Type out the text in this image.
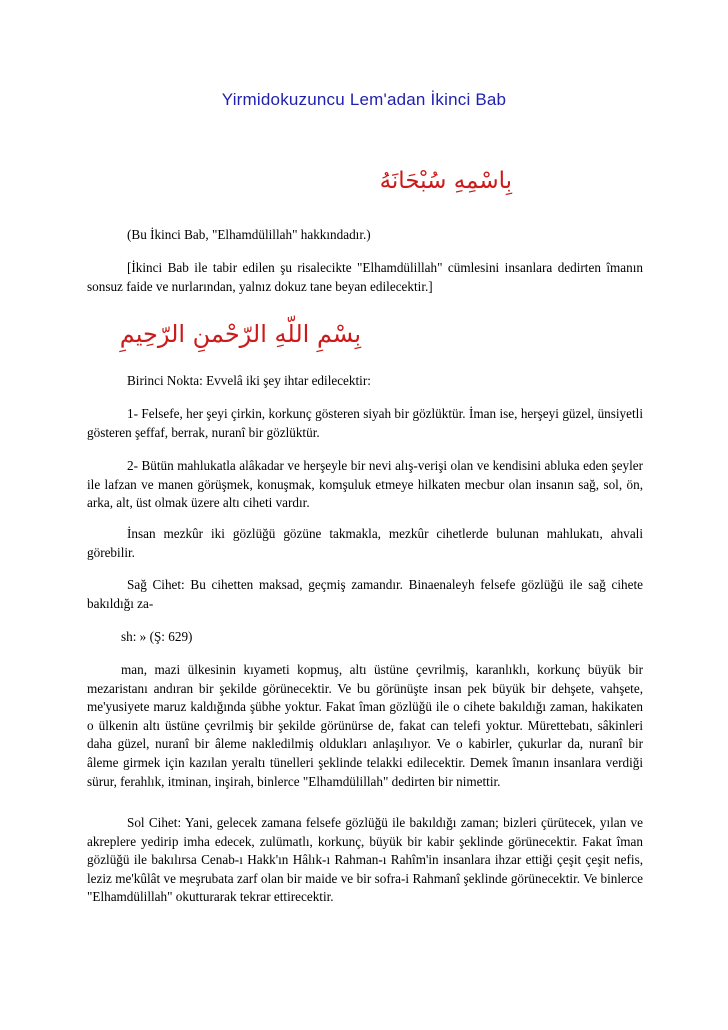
Yirmidokuzuncu Lem'adan İkinci Bab
بِاسْمِهِ سُبْحَانَهُ

(Bu İkinci Bab, "Elhamdülillah" hakkındadır.)

[İkinci Bab ile tabir edilen şu risalecikte "Elhamdülillah" cümlesini insanlara dedirten îmanın sonsuz faide ve nurlarından, yalnız dokuz tane beyan edilecektir.]

بِسْمِ اللّهِ الرّحْمنِ الرّحِيمِ

Birinci Nokta: Evvelâ iki şey ihtar edilecektir:

1- Felsefe, her şeyi çirkin, korkunç gösteren siyah bir gözlüktür. İman ise, herşeyi güzel, ünsiyetli gösteren şeffaf, berrak, nuranî bir gözlüktür.

2- Bütün mahlukatla alâkadar ve herşeyle bir nevi alış-verişi olan ve kendisini abluka eden şeyler ile lafzan ve manen görüşmek, konuşmak, komşuluk etmeye hilkaten mecbur olan insanın sağ, sol, ön, arka, alt, üst olmak üzere altı ciheti vardır.

İnsan mezkûr iki gözlüğü gözüne takmakla, mezkûr cihetlerde bulunan mahlukatı, ahvali görebilir.

Sağ Cihet: Bu cihetten maksad, geçmiş zamandır. Binaenaleyh felsefe gözlüğü ile sağ cihete bakıldığı za-

sh: » (Ş: 629)

man, mazi ülkesinin kıyameti kopmuş, altı üstüne çevrilmiş, karanlıklı, korkunç büyük bir mezaristanı andıran bir şekilde görünecektir. Ve bu görünüşte insan pek büyük bir dehşete, vahşete, me'yusiyete maruz kaldığında şübhe yoktur. Fakat îman gözlüğü ile o cihete bakıldığı zaman, hakikaten o ülkenin altı üstüne çevrilmiş bir şekilde görünürse de, fakat can telefi yoktur. Mürettebatı, sâkinleri daha güzel, nuranî bir âleme nakledilmiş oldukları anlaşılıyor. Ve o kabirler, çukurlar da, nuranî bir âleme girmek için kazılan yeraltı tünelleri şeklinde telakki edilecektir. Demek îmanın insanlara verdiği sürur, ferahlık, itminan, inşirah, binlerce "Elhamdülillah" dedirten bir nimettir.

Sol Cihet: Yani, gelecek zamana felsefe gözlüğü ile bakıldığı zaman; bizleri çürütecek, yılan ve akreplere yedirip imha edecek, zulümatlı, korkunç, büyük bir kabir şeklinde görünecektir. Fakat îman gözlüğü ile bakılırsa Cenab-ı Hakk'ın Hâlık-ı Rahman-ı Rahîm'in insanlara ihzar ettiği çeşit çeşit nefis, leziz me'kûlât ve meşrubata zarf olan bir maide ve bir sofra-i Rahmanî şeklinde görünecektir. Ve binlerce "Elhamdülillah" okutturarak tekrar ettirecektir.
